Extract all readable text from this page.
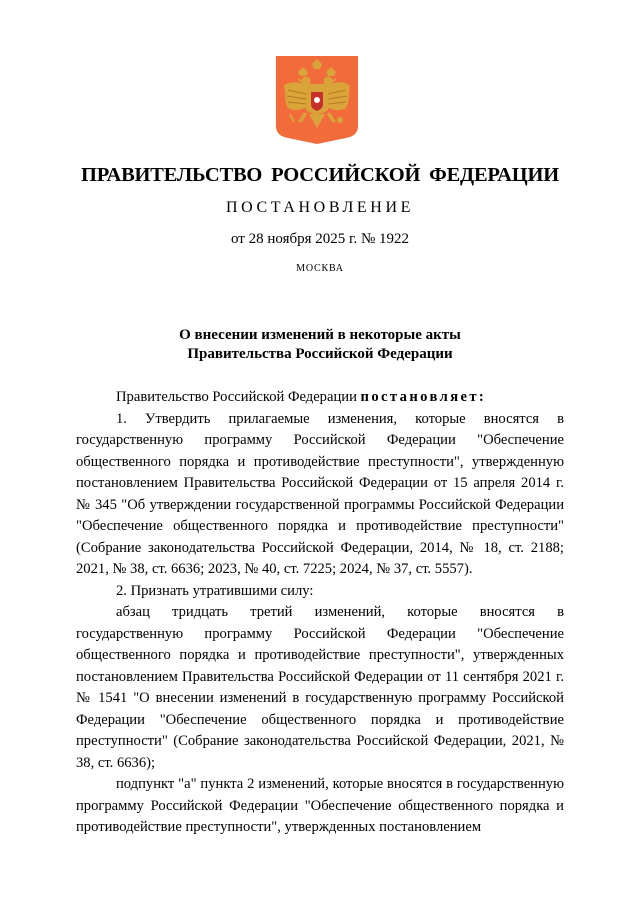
ПРАВИТЕЛЬСТВО РОССИЙСКОЙ ФЕДЕРАЦИИ
ПОСТАНОВЛЕНИЕ
от 28 ноября 2025 г. № 1922
МОСКВА
О внесении изменений в некоторые акты
Правительства Российской Федерации

Правительство Российской Федерации постановляет:

1. Утвердить прилагаемые изменения, которые вносятся в государственную программу Российской Федерации "Обеспечение общественного порядка и противодействие преступности", утвержденную постановлением Правительства Российской Федерации от 15 апреля 2014 г. № 345 "Об утверждении государственной программы Российской Федерации "Обеспечение общественного порядка и противодействие преступности" (Собрание законодательства Российской Федерации, 2014, № 18, ст. 2188; 2021, № 38, ст. 6636; 2023, № 40, ст. 7225; 2024, № 37, ст. 5557).

2. Признать утратившими силу:

абзац тридцать третий изменений, которые вносятся в государственную программу Российской Федерации "Обеспечение общественного порядка и противодействие преступности", утвержденных постановлением Правительства Российской Федерации от 11 сентября 2021 г. № 1541 "О внесении изменений в государственную программу Российской Федерации "Обеспечение общественного порядка и противодействие преступности" (Собрание законодательства Российской Федерации, 2021, № 38, ст. 6636);

подпункт "а" пункта 2 изменений, которые вносятся в государственную программу Российской Федерации "Обеспечение общественного порядка и противодействие преступности", утвержденных постановлением
